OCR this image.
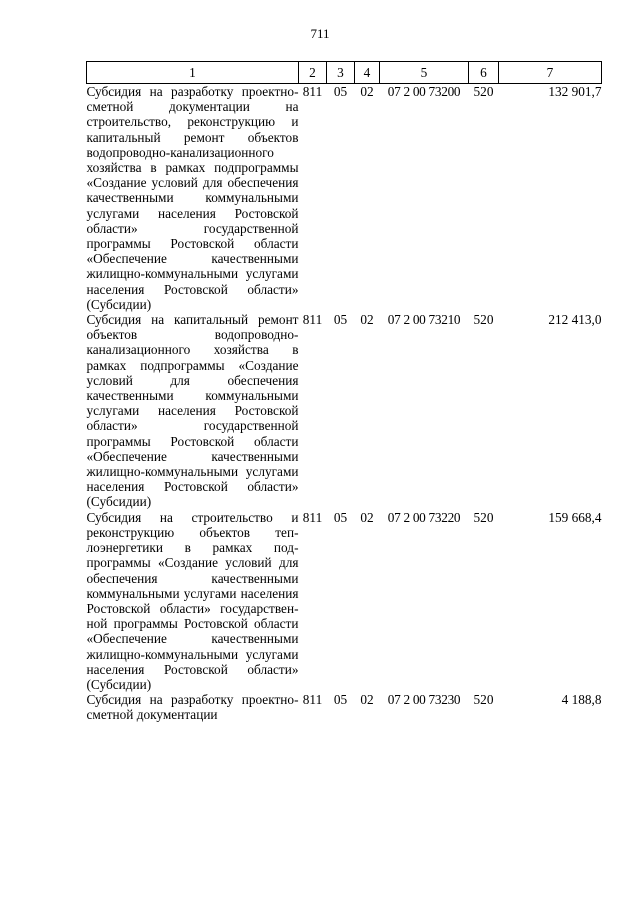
711
1	2	3	4	5	6	7
Субсидия на разработку проектно-сметной документации на строительство, реконструкцию и капитальный ремонт объектов водопроводно-канализационного хозяйства в рамках подпрограммы «Создание условий для обеспечения качественными коммунальными услугами населения Ростовской области» государственной программы Ростовской области «Обеспечение качественными жилищно-коммунальными услугами населения Ростовской области» (Субсидии)	811	05	02	07 2 00 73200	520	132 901,7
Субсидия на капитальный ремонт объектов водопроводно-канализационного хозяйства в рамках подпрограммы «Создание условий для обеспечения качественными коммунальными услугами населения Ростовской области» государственной программы Ростовской области «Обеспечение качественными жилищно-коммунальными услугами населения Ростовской области» (Субсидии)	811	05	02	07 2 00 73210	520	212 413,0
Субсидия на строительство и реконструкцию объектов теплоэнергетики в рамках подпрограммы «Создание условий для обеспечения качественными коммунальными услугами населения Ростовской области» государственной программы Ростовской области «Обеспечение качественными жилищно-коммунальными услугами населения Ростовской области» (Субсидии)	811	05	02	07 2 00 73220	520	159 668,4
Субсидия на разработку проектно-сметной документации	811	05	02	07 2 00 73230	520	4 188,8
